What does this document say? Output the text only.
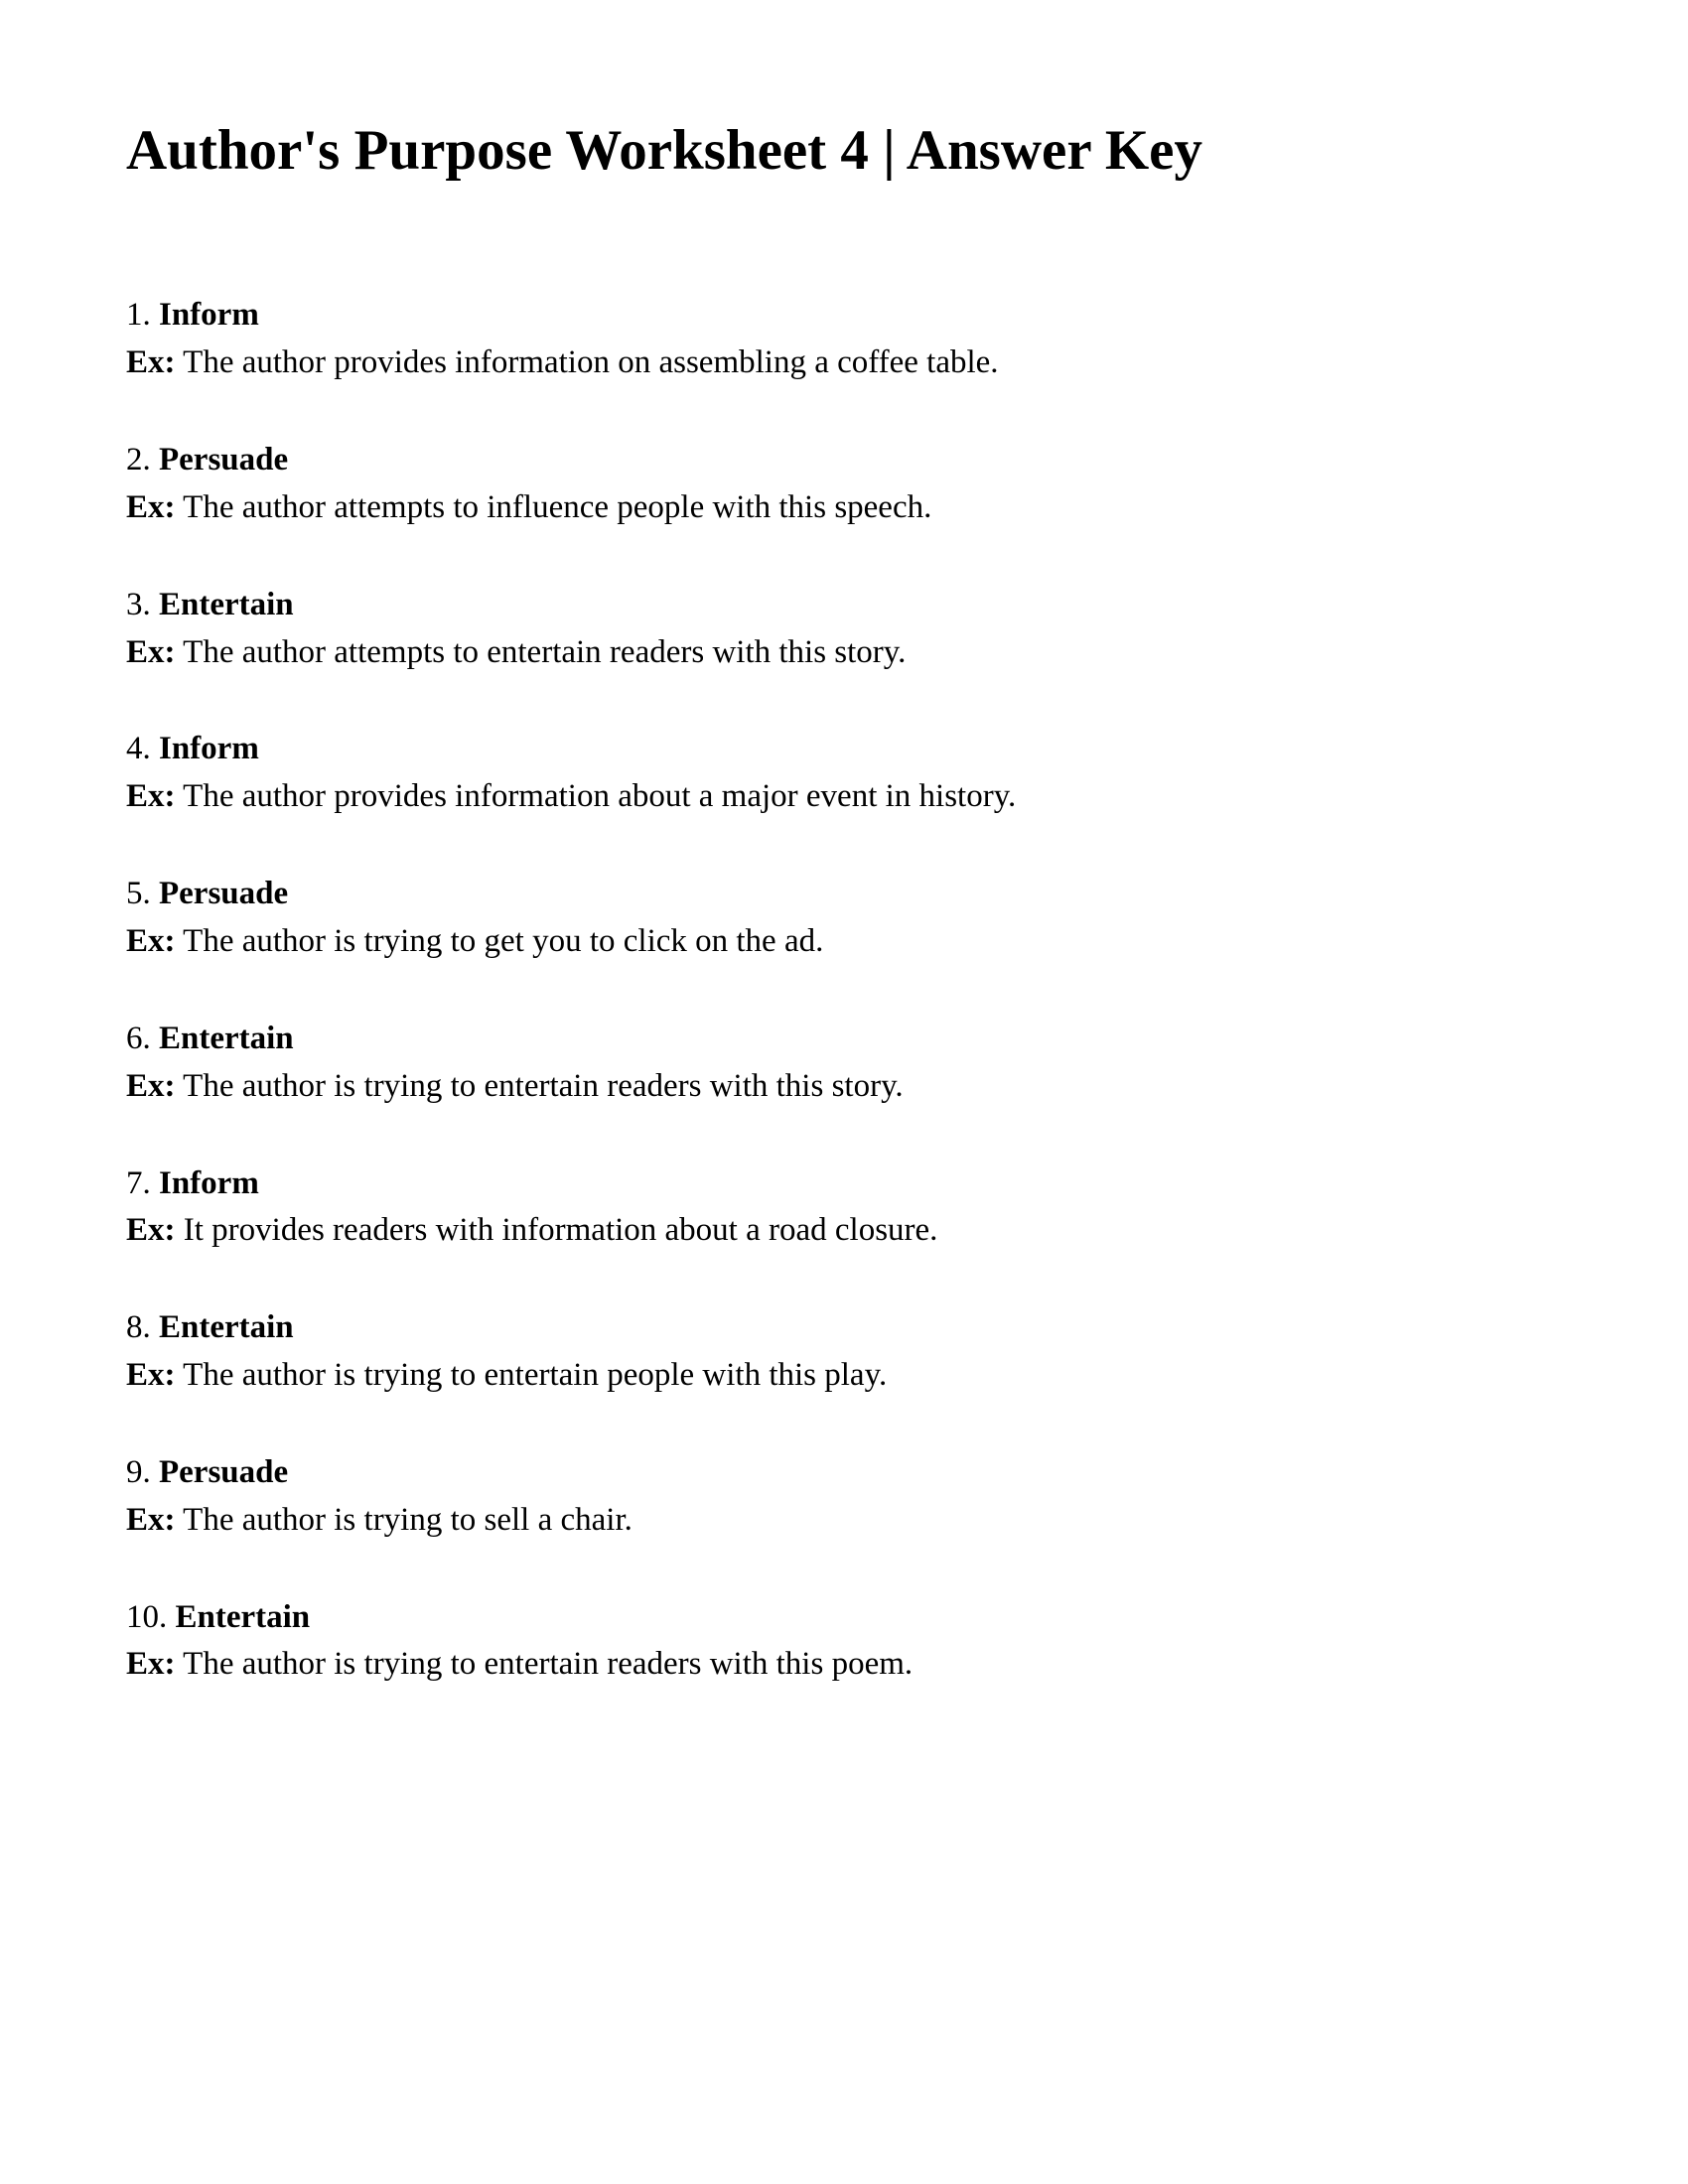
Author's Purpose Worksheet 4 | Answer Key
1. Inform
Ex: The author provides information on assembling a coffee table.
2. Persuade
Ex: The author attempts to influence people with this speech.
3. Entertain
Ex: The author attempts to entertain readers with this story.
4. Inform
Ex: The author provides information about a major event in history.
5. Persuade
Ex: The author is trying to get you to click on the ad.
6. Entertain
Ex: The author is trying to entertain readers with this story.
7. Inform
Ex: It provides readers with information about a road closure.
8. Entertain
Ex: The author is trying to entertain people with this play.
9. Persuade
Ex: The author is trying to sell a chair.
10. Entertain
Ex: The author is trying to entertain readers with this poem.
